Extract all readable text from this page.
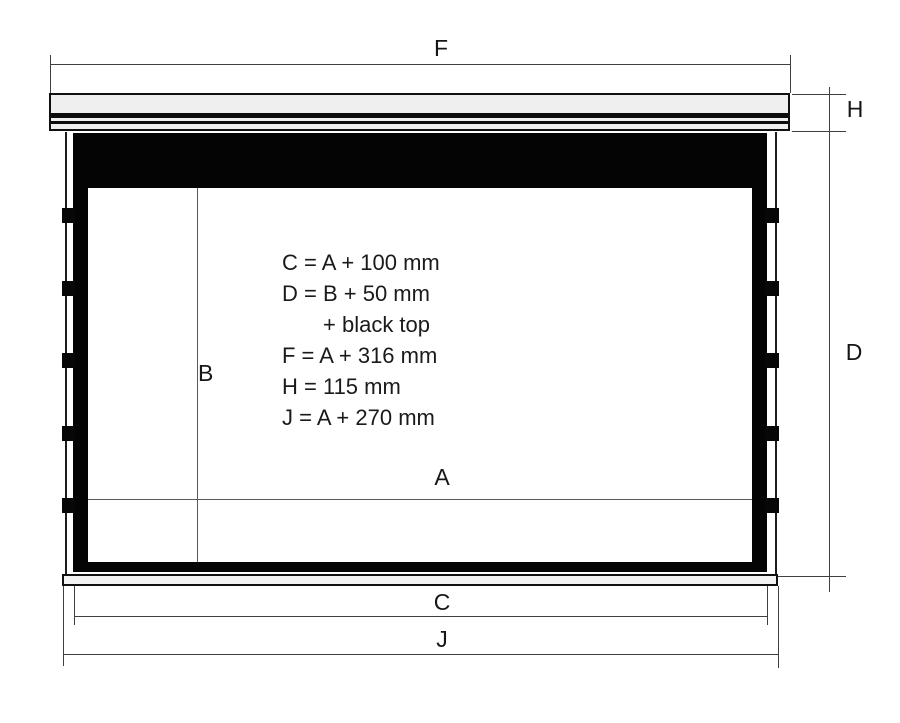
F
H
D
B
A
C = A + 100 mm
D = B + 50 mm
+ black top
F = A + 316 mm
H = 115 mm
J = A + 270 mm
C
J
